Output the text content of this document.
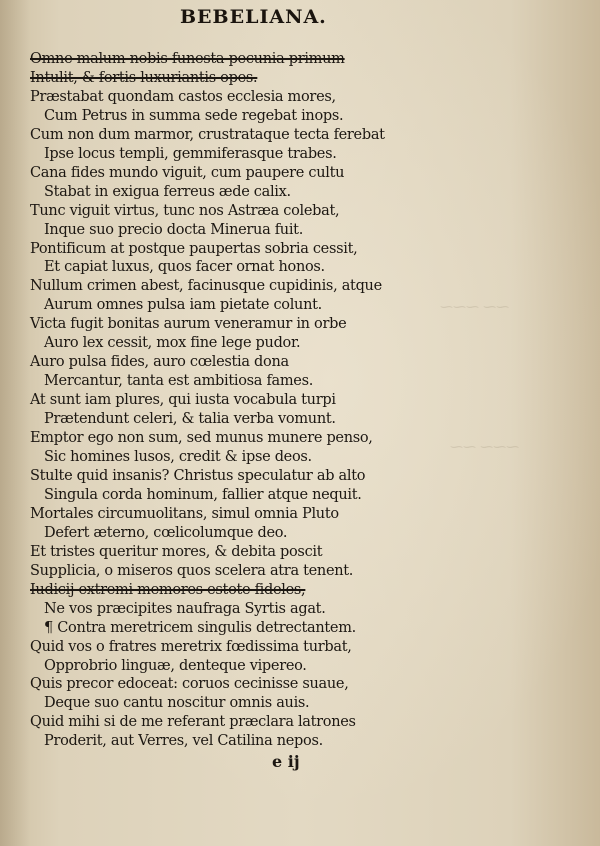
⁓⁓ ⁓⁓⁓
⁓⁓⁓ ⁓⁓
BEBELIANA.
Omne malum nobis funesta pecunia primum
Intulit, & fortis luxuriantis opes.
Præstabat quondam castos ecclesia mores,
Cum Petrus in summa sede regebat inops.
Cum non dum marmor, crustrataque tecta ferebat
Ipse locus templi, gemmiferasque trabes.
Cana fides mundo viguit, cum paupere cultu
Stabat in exigua ferreus æde calix.
Tunc viguit virtus, tunc nos Astræa colebat,
Inque suo precio docta Minerua fuit.
Pontificum at postque paupertas sobria cessit,
Et capiat luxus, quos facer ornat honos.
Nullum crimen abest, facinusque cupidinis, atque
Aurum omnes pulsa iam pietate colunt.
Victa fugit bonitas aurum veneramur in orbe
Auro lex cessit, mox fine lege pudor.
Auro pulsa fides, auro cœlestia dona
Mercantur, tanta est ambitiosa fames.
At sunt iam plures, qui iusta vocabula turpi
Prætendunt celeri, & talia verba vomunt.
Emptor ego non sum, sed munus munere penso,
Sic homines lusos, credit & ipse deos.
Stulte quid insanis? Christus speculatur ab alto
Singula corda hominum, fallier atque nequit.
Mortales circumuolitans, simul omnia Pluto
Defert æterno, cœlicolumque deo.
Et tristes queritur mores, & debita poscit
Supplicia, o miseros quos scelera atra tenent.
Iudicij extremi memores estote fideles,
Ne vos præcipites naufraga Syrtis agat.
¶ Contra meretricem singulis detrectantem.
Quid vos o fratres meretrix fœdissima turbat,
Opprobrio linguæ, denteque vipereo.
Quis precor edoceat: coruos cecinisse suaue,
Deque suo cantu noscitur omnis auis.
Quid mihi si de me referant præclara latrones
Proderit, aut Verres, vel Catilina nepos.
e ij
